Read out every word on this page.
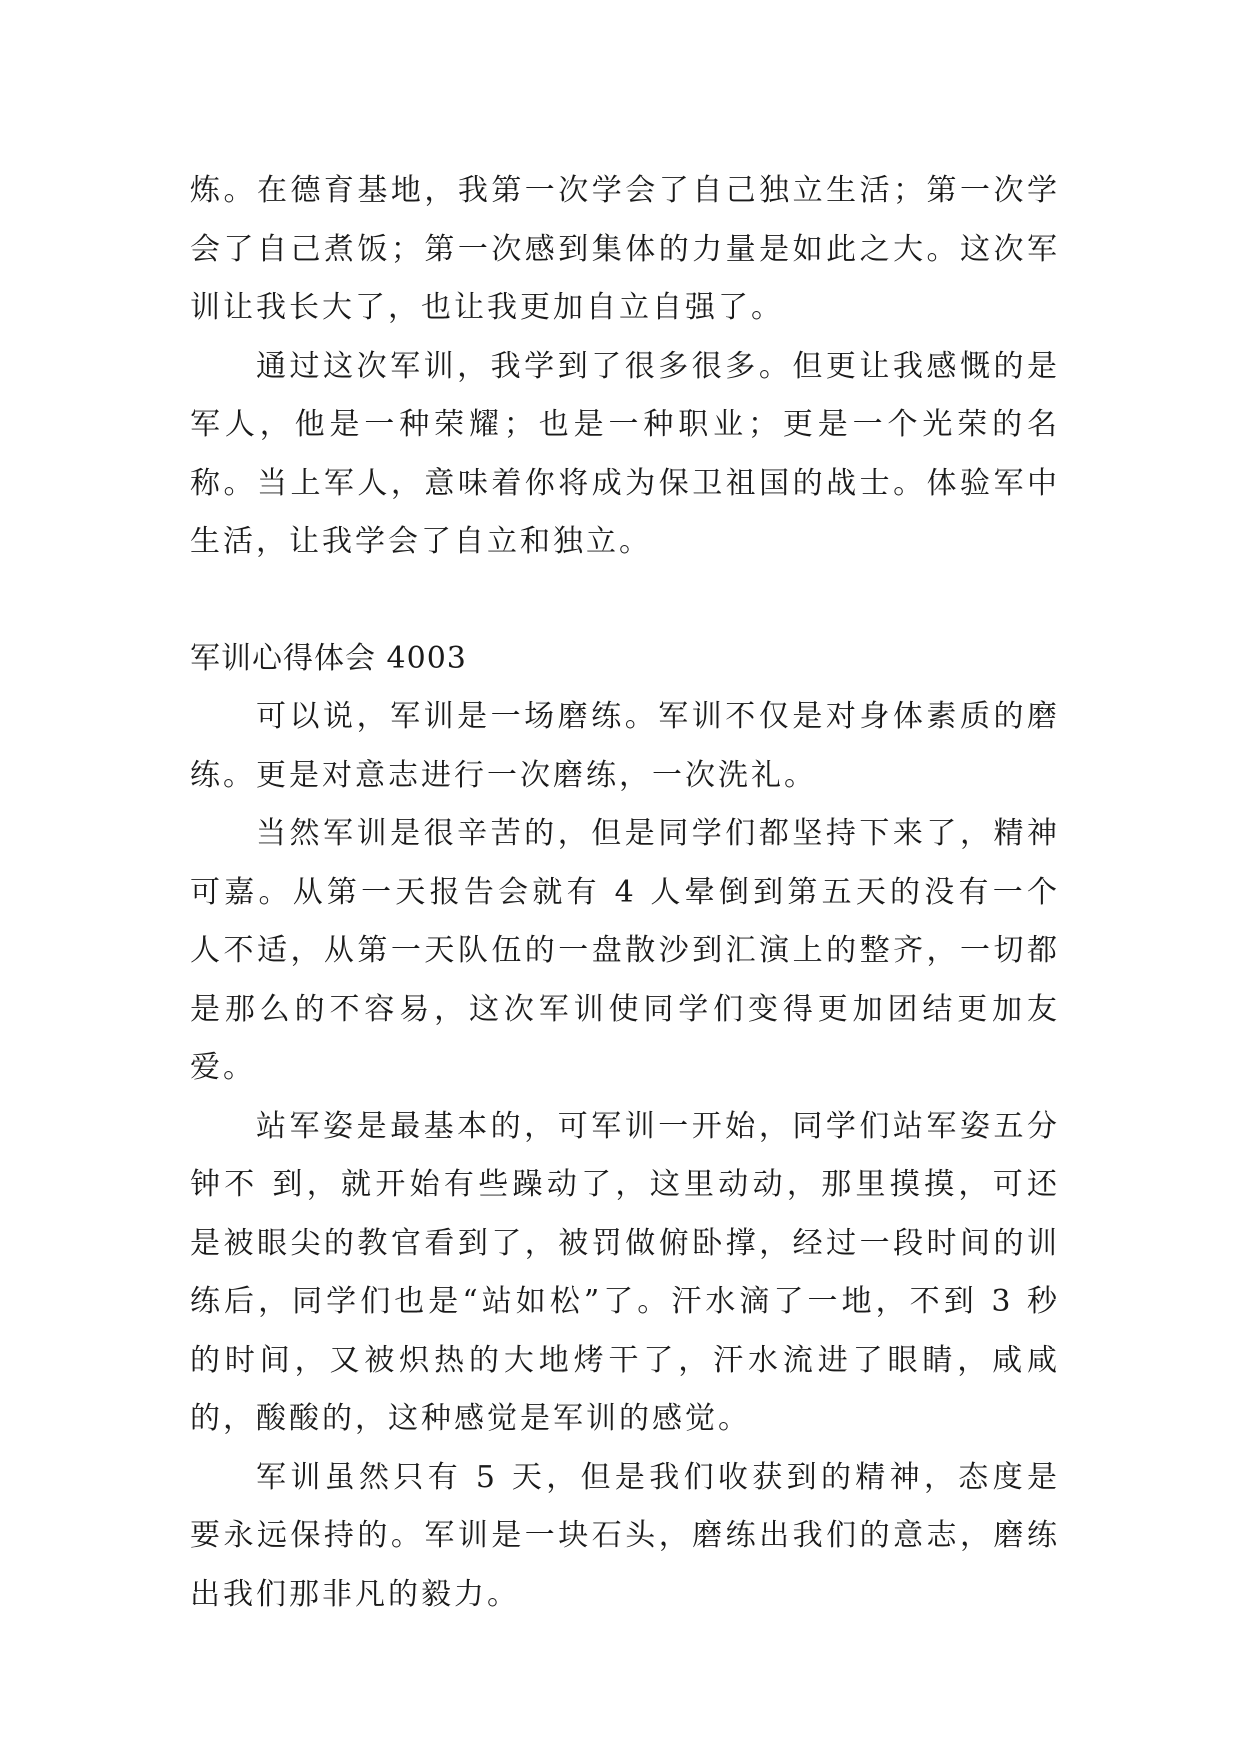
炼。在德育基地，我第一次学会了自己独立生活；第一次学会了自己煮饭；第一次感到集体的力量是如此之大。这次军训让我长大了，也让我更加自立自强了。

通过这次军训，我学到了很多很多。但更让我感慨的是军人，他是一种荣耀；也是一种职业；更是一个光荣的名称。当上军人，意味着你将成为保卫祖国的战士。体验军中生活，让我学会了自立和独立。

军训心得体会 4003

可以说，军训是一场磨练。军训不仅是对身体素质的磨练。更是对意志进行一次磨练，一次洗礼。

当然军训是很辛苦的，但是同学们都坚持下来了，精神可嘉。从第一天报告会就有 4 人晕倒到第五天的没有一个人不适，从第一天队伍的一盘散沙到汇演上的整齐，一切都是那么的不容易，这次军训使同学们变得更加团结更加友爱。

站军姿是最基本的，可军训一开始，同学们站军姿五分钟不 到，就开始有些躁动了，这里动动，那里摸摸，可还是被眼尖的教官看到了，被罚做俯卧撑，经过一段时间的训练后，同学们也是“站如松”了。汗水滴了一地，不到 3 秒的时间，又被炽热的大地烤干了，汗水流进了眼睛，咸咸的，酸酸的，这种感觉是军训的感觉。

军训虽然只有 5 天，但是我们收获到的精神，态度是要永远保持的。军训是一块石头，磨练出我们的意志，磨练出我们那非凡的毅力。
